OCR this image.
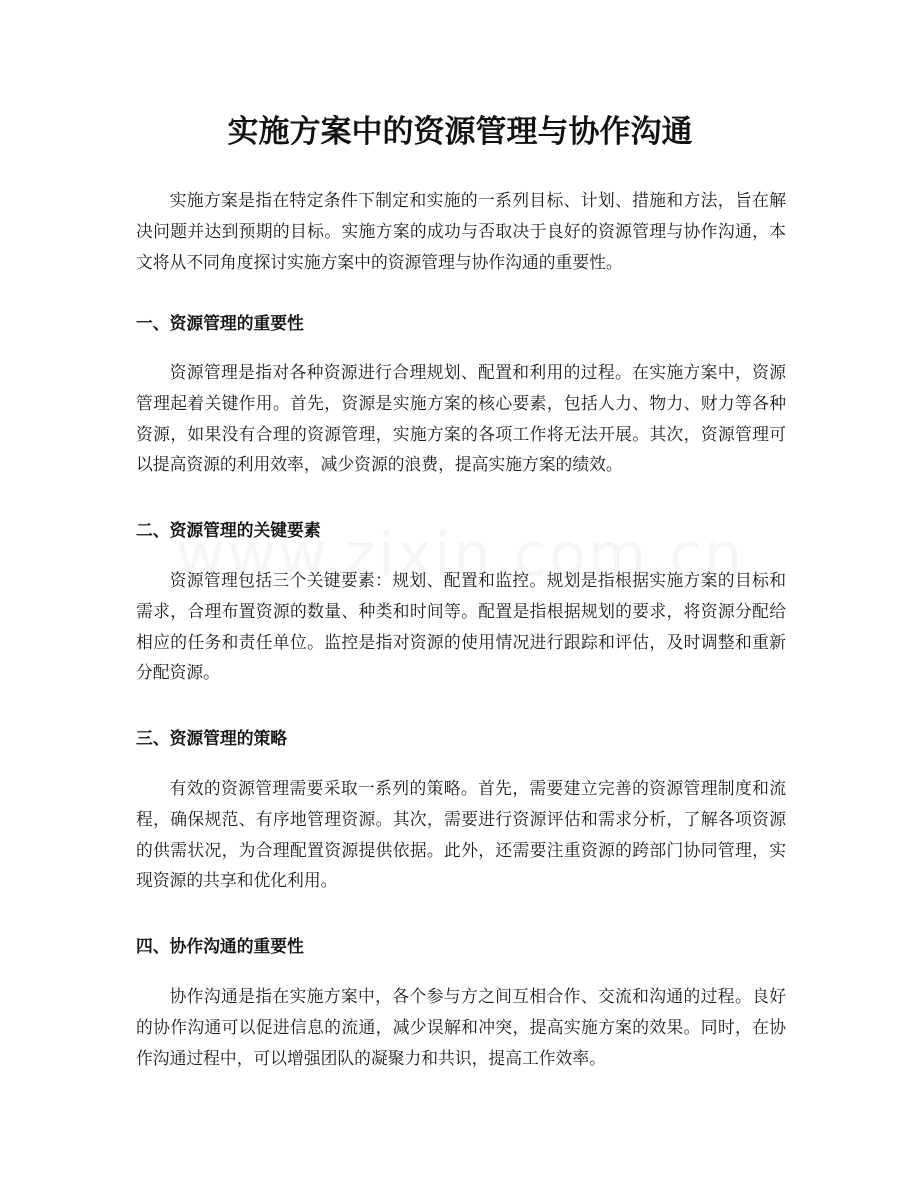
实施方案中的资源管理与协作沟通

实施方案是指在特定条件下制定和实施的一系列目标、计划、措施和方法，旨在解决问题并达到预期的目标。实施方案的成功与否取决于良好的资源管理与协作沟通，本文将从不同角度探讨实施方案中的资源管理与协作沟通的重要性。

一、资源管理的重要性

资源管理是指对各种资源进行合理规划、配置和利用的过程。在实施方案中，资源管理起着关键作用。首先，资源是实施方案的核心要素，包括人力、物力、财力等各种资源，如果没有合理的资源管理，实施方案的各项工作将无法开展。其次，资源管理可以提高资源的利用效率，减少资源的浪费，提高实施方案的绩效。

二、资源管理的关键要素

资源管理包括三个关键要素：规划、配置和监控。规划是指根据实施方案的目标和需求，合理布置资源的数量、种类和时间等。配置是指根据规划的要求，将资源分配给相应的任务和责任单位。监控是指对资源的使用情况进行跟踪和评估，及时调整和重新分配资源。

三、资源管理的策略

有效的资源管理需要采取一系列的策略。首先，需要建立完善的资源管理制度和流程，确保规范、有序地管理资源。其次，需要进行资源评估和需求分析，了解各项资源的供需状况，为合理配置资源提供依据。此外，还需要注重资源的跨部门协同管理，实现资源的共享和优化利用。

四、协作沟通的重要性

协作沟通是指在实施方案中，各个参与方之间互相合作、交流和沟通的过程。良好的协作沟通可以促进信息的流通，减少误解和冲突，提高实施方案的效果。同时，在协作沟通过程中，可以增强团队的凝聚力和共识，提高工作效率。
